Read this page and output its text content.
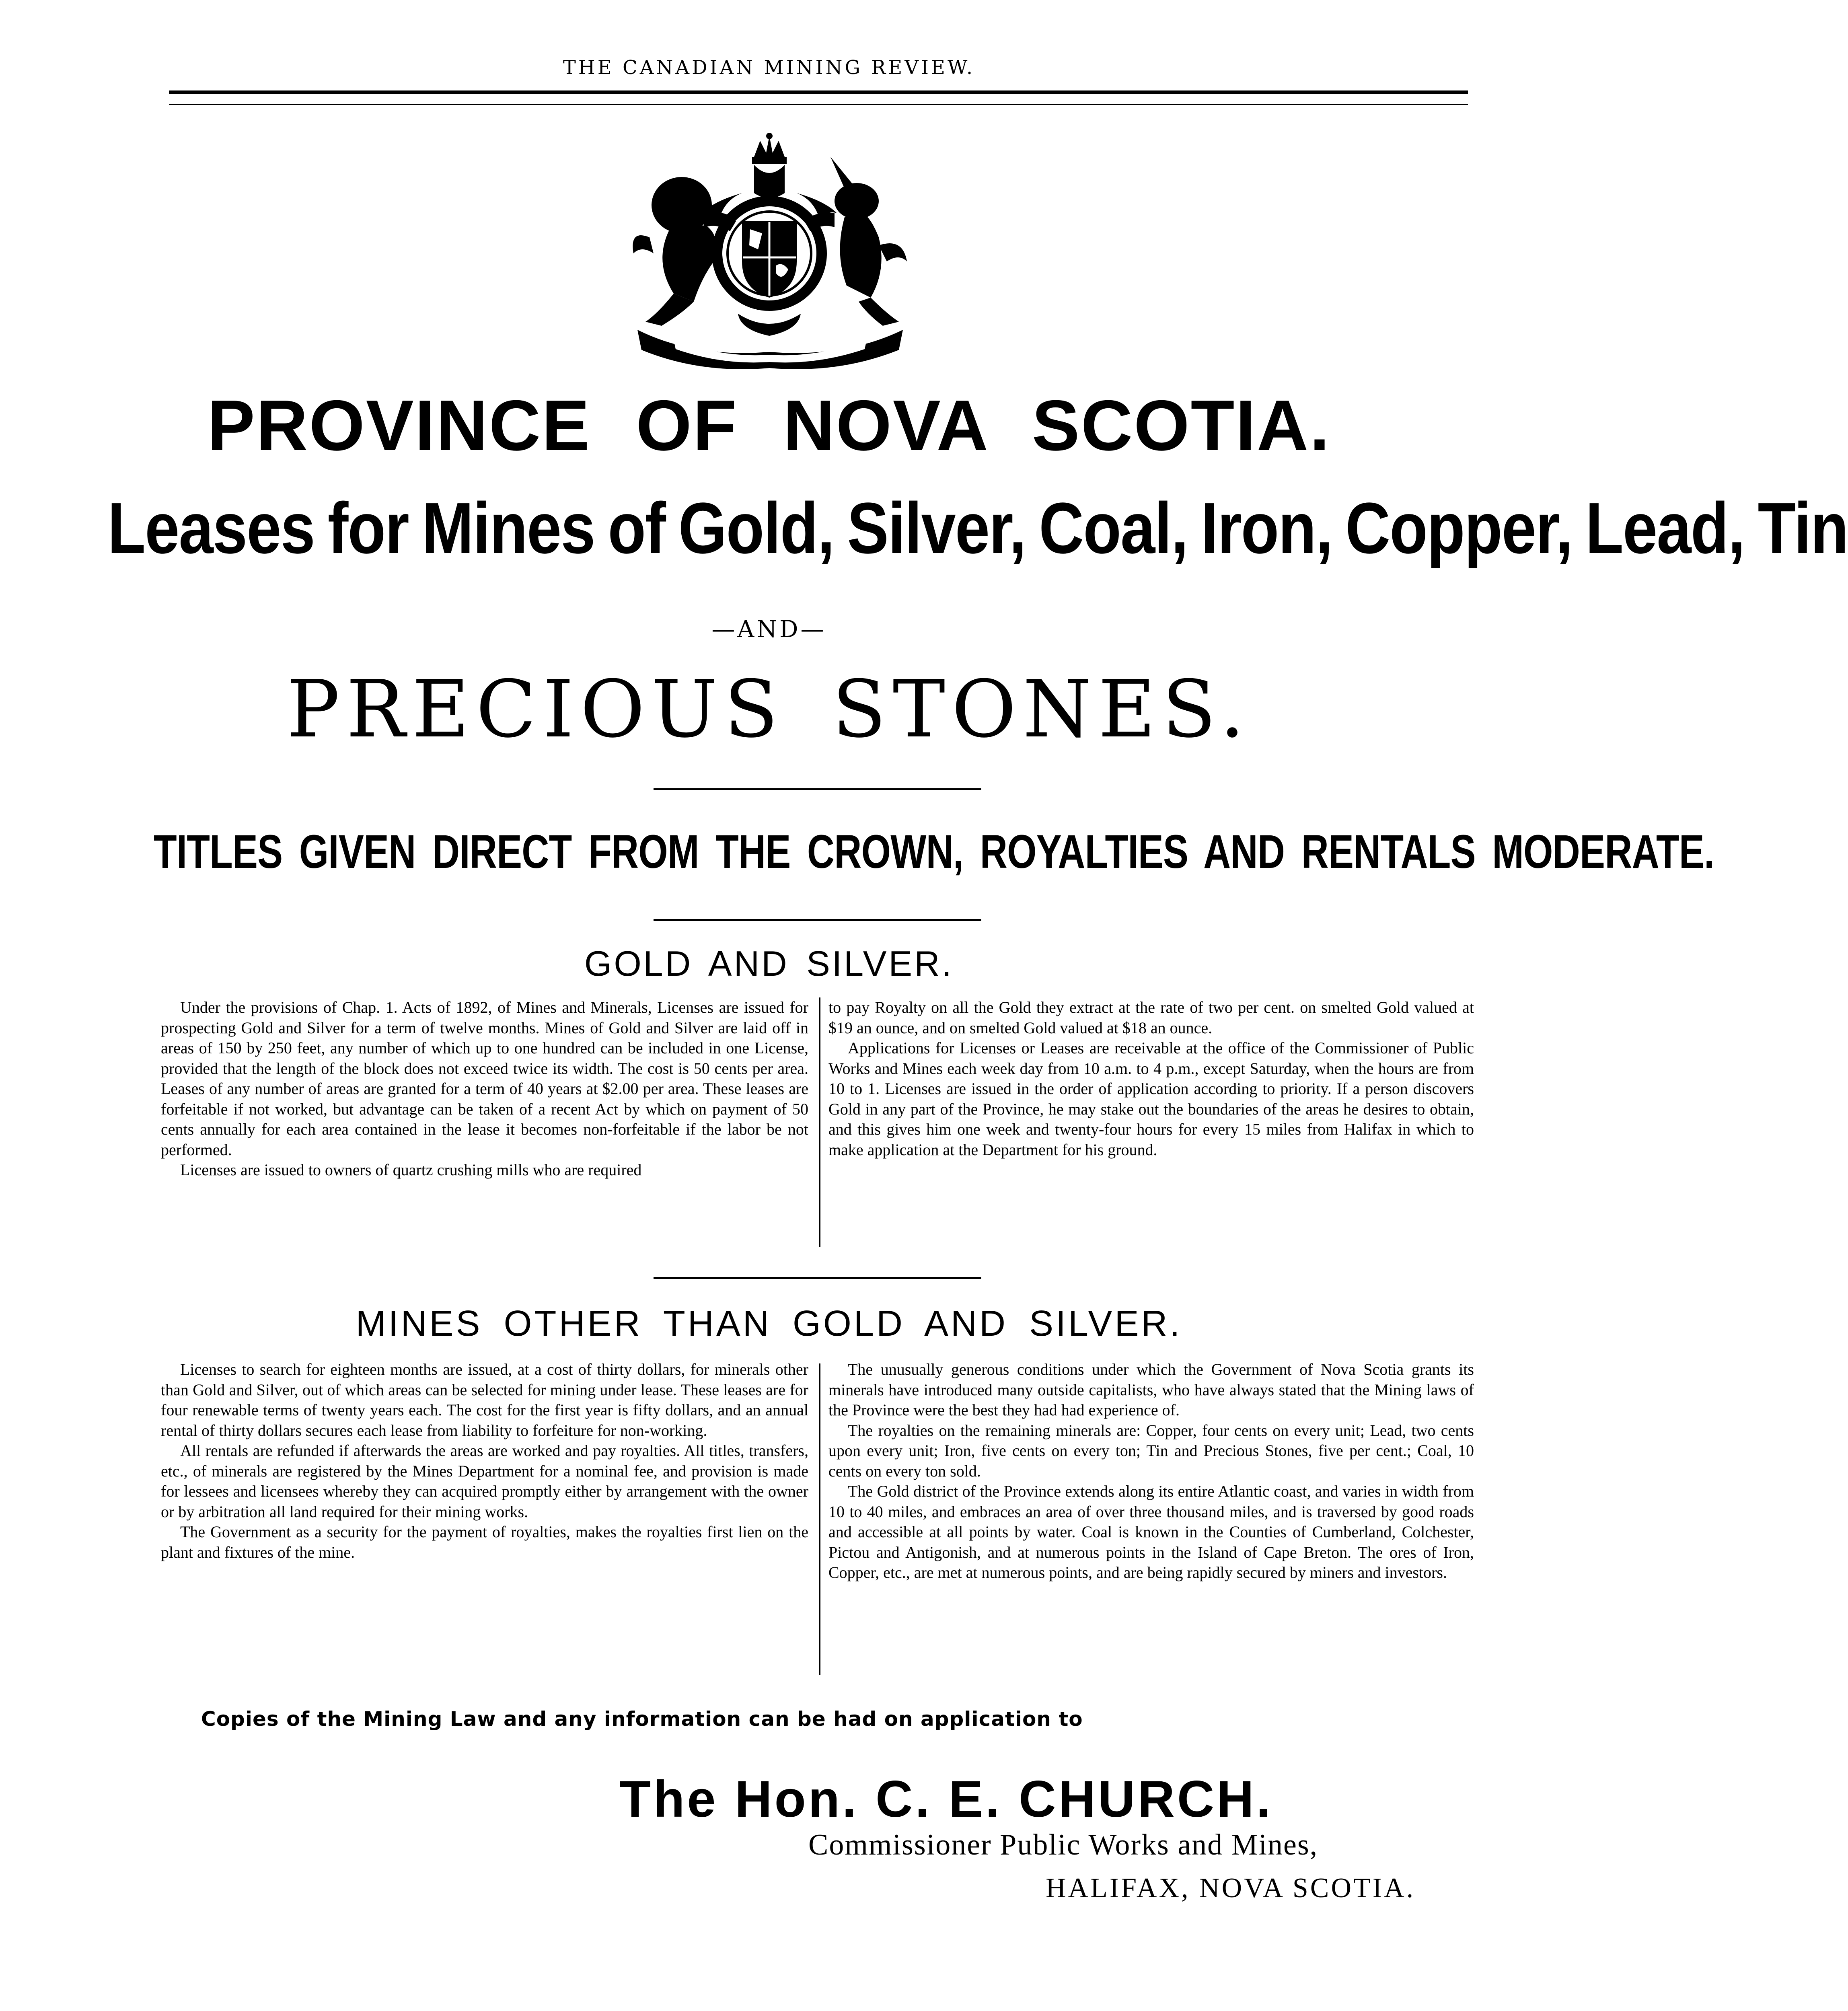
THE CANADIAN MINING REVIEW.
PROVINCE OF NOVA SCOTIA.
Leases for Mines of Gold, Silver, Coal, Iron, Copper, Lead, Tin
—AND—
PRECIOUS STONES.
TITLES GIVEN DIRECT FROM THE CROWN, ROYALTIES AND RENTALS MODERATE.
GOLD AND SILVER.

Under the provisions of Chap. 1. Acts of 1892, of Mines and Minerals, Licenses are issued for prospecting Gold and Silver for a term of twelve months. Mines of Gold and Silver are laid off in areas of 150 by 250 feet, any number of which up to one hundred can be included in one License, provided that the length of the block does not exceed twice its width. The cost is 50 cents per area. Leases of any number of areas are granted for a term of 40 years at $2.00 per area. These leases are forfeitable if not worked, but advantage can be taken of a recent Act by which on payment of 50 cents annually for each area contained in the lease it becomes non-forfeitable if the labor be not performed.

Licenses are issued to owners of quartz crushing mills who are required

to pay Royalty on all the Gold they extract at the rate of two per cent. on smelted Gold valued at $19 an ounce, and on smelted Gold valued at $18 an ounce.

Applications for Licenses or Leases are receivable at the office of the Commissioner of Public Works and Mines each week day from 10 a.m. to 4 p.m., except Saturday, when the hours are from 10 to 1. Licenses are issued in the order of application according to priority. If a person discovers Gold in any part of the Province, he may stake out the boundaries of the areas he desires to obtain, and this gives him one week and twenty-four hours for every 15 miles from Halifax in which to make application at the Department for his ground.

MINES OTHER THAN GOLD AND SILVER.

Licenses to search for eighteen months are issued, at a cost of thirty dollars, for minerals other than Gold and Silver, out of which areas can be selected for mining under lease. These leases are for four renewable terms of twenty years each. The cost for the first year is fifty dollars, and an annual rental of thirty dollars secures each lease from liability to forfeiture for non-working.

All rentals are refunded if afterwards the areas are worked and pay royalties. All titles, transfers, etc., of minerals are registered by the Mines Department for a nominal fee, and provision is made for lessees and licensees whereby they can acquired promptly either by arrangement with the owner or by arbitration all land required for their mining works.

The Government as a security for the payment of royalties, makes the royalties first lien on the plant and fixtures of the mine.

The unusually generous conditions under which the Government of Nova Scotia grants its minerals have introduced many outside capitalists, who have always stated that the Mining laws of the Province were the best they had had experience of.

The royalties on the remaining minerals are: Copper, four cents on every unit; Lead, two cents upon every unit; Iron, five cents on every ton; Tin and Precious Stones, five per cent.; Coal, 10 cents on every ton sold.

The Gold district of the Province extends along its entire Atlantic coast, and varies in width from 10 to 40 miles, and embraces an area of over three thousand miles, and is traversed by good roads and accessible at all points by water. Coal is known in the Counties of Cumberland, Colchester, Pictou and Antigonish, and at numerous points in the Island of Cape Breton. The ores of Iron, Copper, etc., are met at numerous points, and are being rapidly secured by miners and investors.

Copies of the Mining Law and any information can be had on application to
The Hon. C. E. CHURCH.
Commissioner Public Works and Mines,
HALIFAX, NOVA SCOTIA.
